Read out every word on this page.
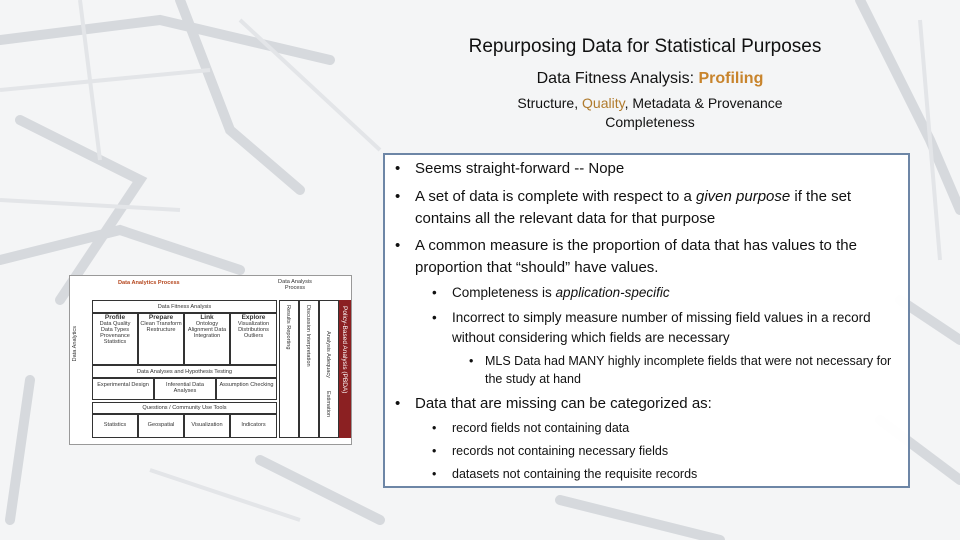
Repurposing Data for Statistical Purposes
Data Fitness Analysis: Profiling
Structure, Quality, Metadata & Provenance
Completeness
• Seems straight-forward -- Nope
• A set of data is complete with respect to a given purpose if the set contains all the relevant data for that purpose
• A common measure is the proportion of data that has values to the proportion that “should” have values.
•	Completeness is application-specific
•	Incorrect to simply measure number of missing field values in a record without considering which fields are necessary
• MLS Data had MANY highly incomplete fields that were not necessary for the study at hand
• Data that are missing can be categorized as:
•	record fields not containing data
•	records not containing necessary fields
•	datasets not containing the requisite records
Data Analytics Process	Data Analysis Process
Data Analytics
Data Fitness Analysis
Profile
Data Quality Data Types Provenance Statistics
Prepare
Clean Transform Restructure
Link
Ontology Alignment Data Integration
Explore
Visualization Distributions Outliers
Data Analyses and Hypothesis Testing
Experimental Design	Inferential Data Analyses
Assumption Checking
Questions / Community Use Tools
Statistics	Geospatial	Visualization	Indicators
Results Reporting	Discussion Interpretation	Analysis Adequacy
Estimation
Policy-Based Analysis (PBDA)
